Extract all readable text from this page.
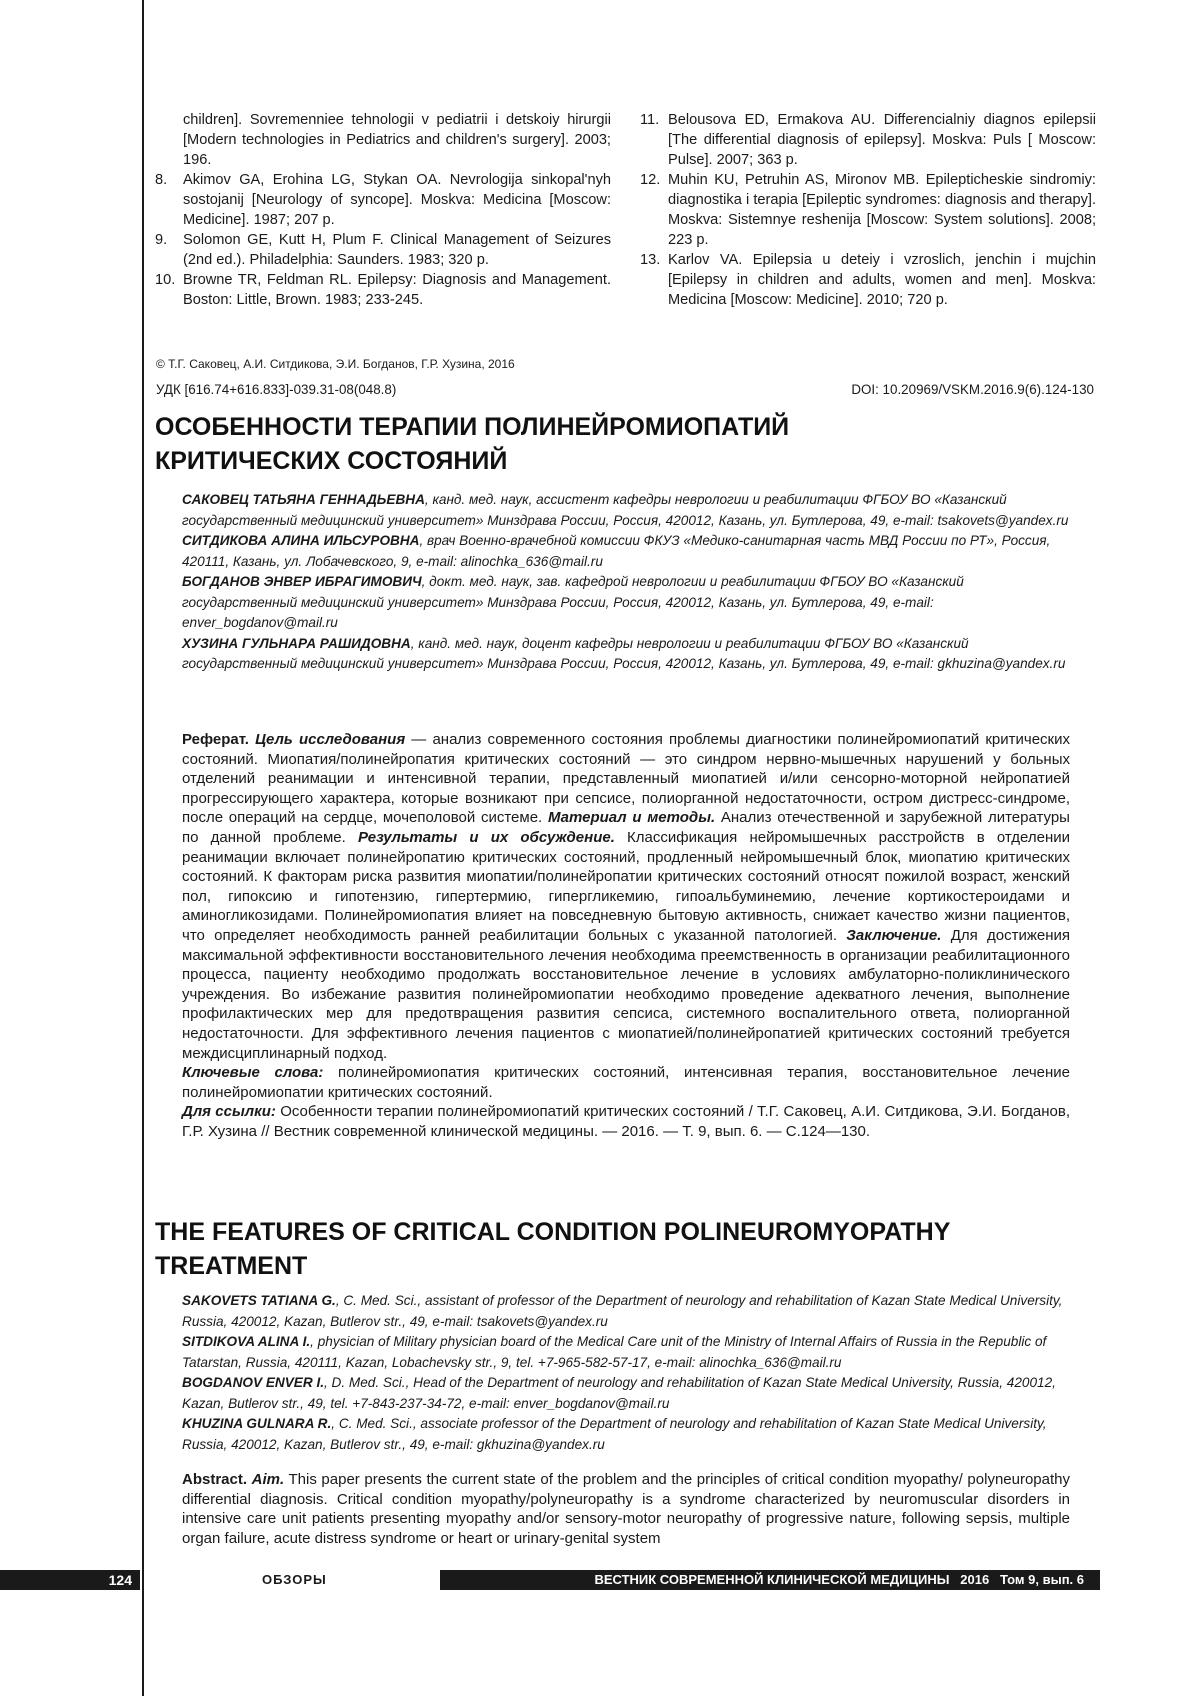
children]. Sovremenniee tehnologii v pediatrii i detskoiy hirurgii [Modern technologies in Pediatrics and children's surgery]. 2003; 196.
8.	Akimov GA, Erohina LG, Stykan OA. Nevrologija sinkopal'nyh sostojanij [Neurology of syncope]. Moskva: Medicina [Moscow: Medicine]. 1987; 207 p.
9.	Solomon GE, Kutt H, Plum F. Clinical Management of Seizures (2nd ed.). Philadelphia: Saunders. 1983; 320 p.
10. Browne TR, Feldman RL. Epilepsy: Diagnosis and Management. Boston: Little, Brown. 1983; 233-245.
11. Belousova ED, Ermakova AU. Differencialniy diagnos epilepsii [The differential diagnosis of epilepsy]. Moskva: Puls [ Moscow: Pulse]. 2007; 363 p.
12. Muhin KU, Petruhin AS, Mironov MB. Epilepticheskie sindromiy: diagnostika i terapia [Epileptic syndromes: diagnosis and therapy]. Moskva: Sistemnye reshenija [Moscow: System solutions]. 2008; 223 p.
13. Karlov VA. Epilepsia u deteiy i vzroslich, jenchin i mujchin [Epilepsy in children and adults, women and men]. Moskva: Medicina [Moscow: Medicine]. 2010; 720 p.
© Т.Г. Саковец, А.И. Ситдикова, Э.И. Богданов, Г.Р. Хузина, 2016
УДК [616.74+616.833]-039.31-08(048.8)	DOI: 10.20969/VSKM.2016.9(6).124-130
ОСОБЕННОСТИ ТЕРАПИИ ПОЛИНЕЙРОМИОПАТИЙ
КРИТИЧЕСКИХ СОСТОЯНИЙ
САКОВЕЦ ТАТЬЯНА ГЕННАДЬЕВНА, канд. мед. наук, ассистент кафедры неврологии и реабилитации ФГБОУ ВО «Казанский государственный медицинский университет» Минздрава России, Россия, 420012, Казань, ул. Бутлерова, 49, e-mail: tsakovets@yandex.ru
СИТДИКОВА АЛИНА ИЛЬСУРОВНА, врач Военно-врачебной комиссии ФКУЗ «Медико-санитарная часть МВД России по РТ», Россия, 420111, Казань, ул. Лобачевского, 9, e-mail: alinochka_636@mail.ru
БОГДАНОВ ЭНВЕР ИБРАГИМОВИЧ, докт. мед. наук, зав. кафедрой неврологии и реабилитации ФГБОУ ВО «Казанский государственный медицинский университет» Минздрава России, Россия, 420012, Казань, ул. Бутлерова, 49, e-mail: enver_bogdanov@mail.ru
ХУЗИНА ГУЛЬНАРА РАШИДОВНА, канд. мед. наук, доцент кафедры неврологии и реабилитации ФГБОУ ВО «Казанский государственный медицинский университет» Минздрава России, Россия, 420012, Казань, ул. Бутлерова, 49, e-mail: gkhuzina@yandex.ru

Реферат. Цель исследования — анализ современного состояния проблемы диагностики полинейромиопатий критических состояний. Миопатия/полинейропатия критических состояний — это синдром нервно-мышечных нарушений у больных отделений реанимации и интенсивной терапии, представленный миопатией и/или сенсорно-моторной нейропатией прогрессирующего характера, которые возникают при сепсисе, полиорганной недостаточности, остром дистресс-синдроме, после операций на сердце, мочеполовой системе. Материал и методы. Анализ отечественной и зарубежной литературы по данной проблеме. Результаты и их обсуждение. Классификация нейромышечных расстройств в отделении реанимации включает полинейропатию критических состояний, продленный нейромышечный блок, миопатию критических состояний. К факторам риска развития миопатии/полинейропатии критических состояний относят пожилой возраст, женский пол, гипоксию и гипотензию, гипертермию, гипергликемию, гипоальбуминемию, лечение кортикостероидами и аминогликозидами. Полинейромиопатия влияет на повседневную бытовую активность, снижает качество жизни пациентов, что определяет необходимость ранней реабилитации больных с указанной патологией. Заключение. Для достижения максимальной эффективности восстановительного лечения необходима преемственность в организации реабилитационного процесса, пациенту необходимо продолжать восстановительное лечение в условиях амбулаторно-поликлинического учреждения. Во избежание развития полинейромиопатии необходимо проведение адекватного лечения, выполнение профилактических мер для предотвращения развития сепсиса, системного воспалительного ответа, полиорганной недостаточности. Для эффективного лечения пациентов с миопатией/полинейропатией критических состояний требуется междисциплинарный подход.

Ключевые слова: полинейромиопатия критических состояний, интенсивная терапия, восстановительное лечение полинейромиопатии критических состояний.

Для ссылки: Особенности терапии полинейромиопатий критических состояний / Т.Г. Саковец, А.И. Ситдикова, Э.И. Богданов, Г.Р. Хузина // Вестник современной клинической медицины. — 2016. — Т. 9, вып. 6. — С.124—130.

THE FEATURES OF CRITICAL CONDITION POLINEUROMYOPATHY
TREATMENT
SAKOVETS TATIANA G., C. Med. Sci., assistant of professor of the Department of neurology and rehabilitation of Kazan State Medical University, Russia, 420012, Kazan, Butlerov str., 49, e-mail: tsakovets@yandex.ru
SITDIKOVA ALINA I., physician of Military physician board of the Medical Care unit of the Ministry of Internal Affairs of Russia in the Republic of Tatarstan, Russia, 420111, Kazan, Lobachevsky str., 9, tel. +7-965-582-57-17, e-mail: alinochka_636@mail.ru
BOGDANOV ENVER I., D. Med. Sci., Head of the Department of neurology and rehabilitation of Kazan State Medical University, Russia, 420012, Kazan, Butlerov str., 49, tel. +7-843-237-34-72, e-mail: enver_bogdanov@mail.ru
KHUZINA GULNARA R., C. Med. Sci., associate professor of the Department of neurology and rehabilitation of Kazan State Medical University, Russia, 420012, Kazan, Butlerov str., 49, e-mail: gkhuzina@yandex.ru
Abstract. Aim. This paper presents the current state of the problem and the principles of critical condition myopathy/ polyneuropathy differential diagnosis. Critical condition myopathy/polyneuropathy is a syndrome characterized by neuromuscular disorders in intensive care unit patients presenting myopathy and/or sensory-motor neuropathy of progressive nature, following sepsis, multiple organ failure, acute distress syndrome or heart or urinary-genital system
124	ОБЗОРЫ	ВЕСТНИК СОВРЕМЕННОЙ КЛИНИЧЕСКОЙ МЕДИЦИНЫ   2016   Том 9, вып. 6
